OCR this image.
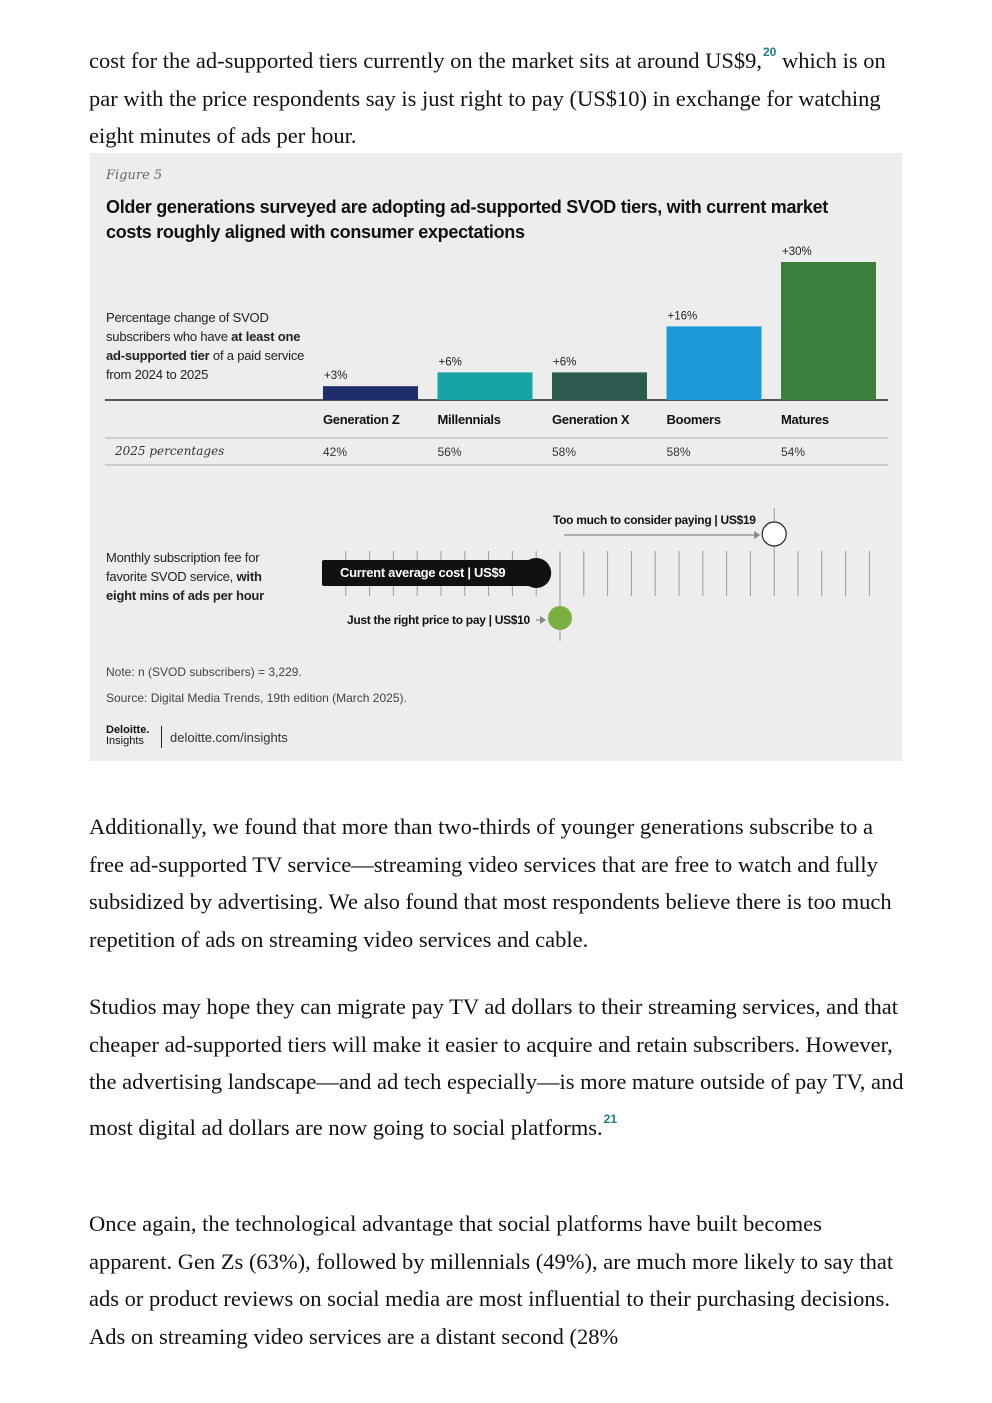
cost for the ad-supported tiers currently on the market sits at around US$9,20 which is on par with the price respondents say is just right to pay (US$10) in exchange for watching eight minutes of ads per hour.

+3%
Generation Z
42%
+6%
Millennials
56%
+6%
Generation X
58%
+16%
Boomers
58%
+30%
Matures
54%
Figure 5
Older generations surveyed are adopting ad-supported SVOD tiers, with current market costs roughly aligned with consumer expectations
Percentage change of SVOD subscribers who have at least one ad-supported tier of a paid service from 2024 to 2025
2025 percentages
Monthly subscription fee for favorite SVOD service, with
eight mins of ads per hour
Too much to consider paying | US$19
Current average cost | US$9
Just the right price to pay | US$10
Note: n (SVOD subscribers) = 3,229.
Source: Digital Media Trends, 19th edition (March 2025).
Deloitte.
Insights	deloitte.com/insights

Additionally, we found that more than two-thirds of younger generations subscribe to a free ad-supported TV service—streaming video services that are free to watch and fully subsidized by advertising. We also found that most respondents believe there is too much repetition of ads on streaming video services and cable.

Studios may hope they can migrate pay TV ad dollars to their streaming services, and that cheaper ad-supported tiers will make it easier to acquire and retain subscribers. However, the advertising landscape—and ad tech especially—is more mature outside of pay TV, and most digital ad dollars are now going to social platforms.$^{21}$

Once again, the technological advantage that social platforms have built becomes apparent. Gen Zs (63%), followed by millennials (49%), are much more likely to say that ads or product reviews on social media are most influential to their purchasing decisions. Ads on streaming video services are a distant second (28%
